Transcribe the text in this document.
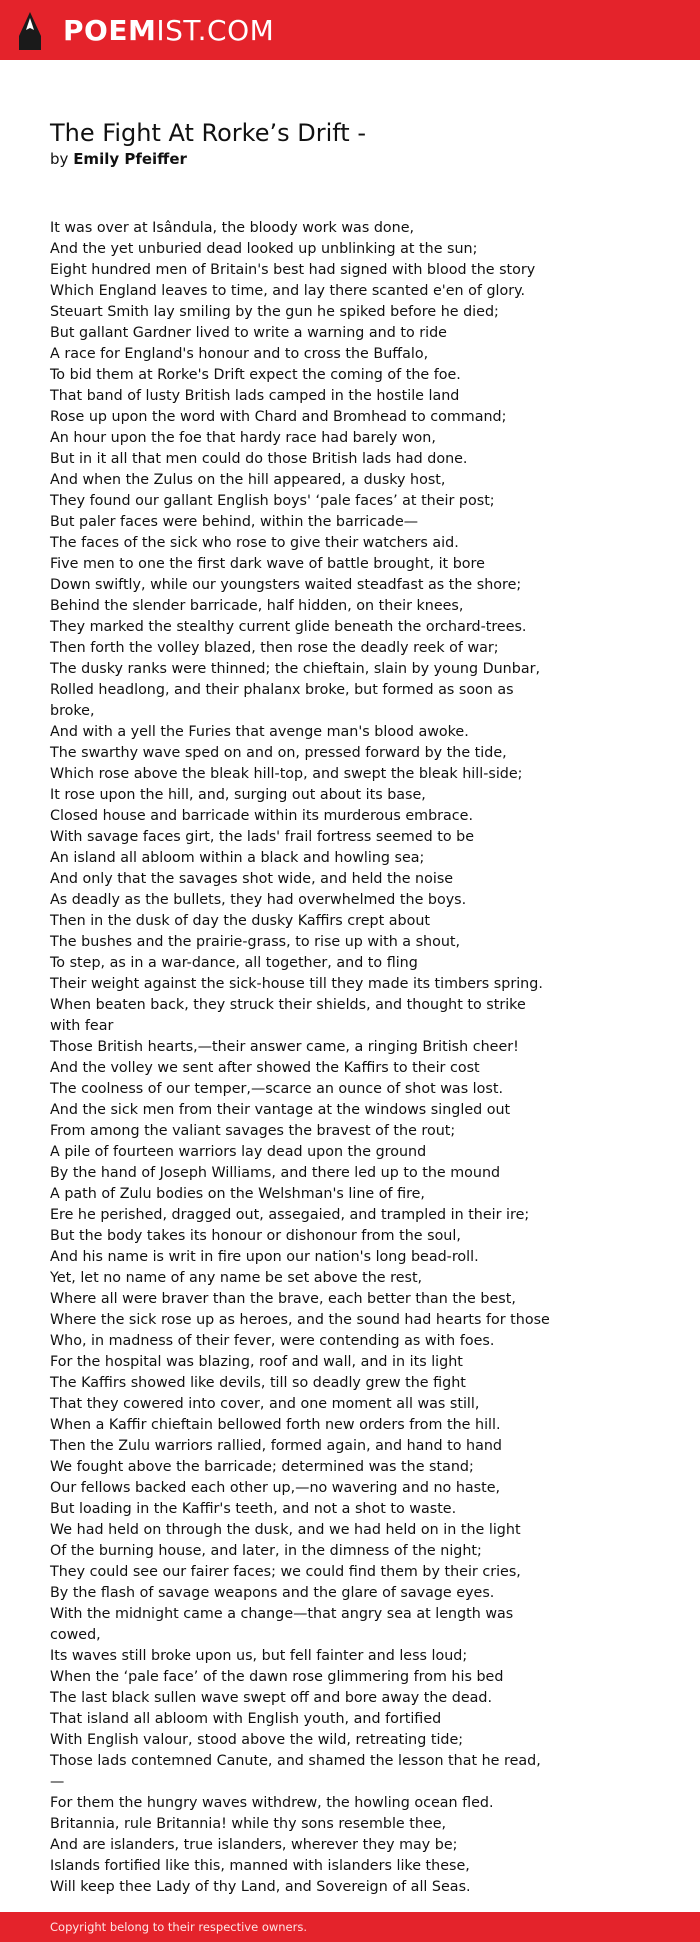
POEMIST.COM
The Fight At Rorke’s Drift -
by Emily Pfeiffer
It was over at Isândula, the bloody work was done,
And the yet unburied dead looked up unblinking at the sun;
Eight hundred men of Britain's best had signed with blood the story
Which England leaves to time, and lay there scanted e'en of glory.
Steuart Smith lay smiling by the gun he spiked before he died;
But gallant Gardner lived to write a warning and to ride
A race for England's honour and to cross the Buffalo,
To bid them at Rorke's Drift expect the coming of the foe.
That band of lusty British lads camped in the hostile land
Rose up upon the word with Chard and Bromhead to command;
An hour upon the foe that hardy race had barely won,
But in it all that men could do those British lads had done.
And when the Zulus on the hill appeared, a dusky host,
They found our gallant English boys' ‘pale faces’ at their post;
But paler faces were behind, within the barricade—
The faces of the sick who rose to give their watchers aid.
Five men to one the first dark wave of battle brought, it bore
Down swiftly, while our youngsters waited steadfast as the shore;
Behind the slender barricade, half hidden, on their knees,
They marked the stealthy current glide beneath the orchard-trees.
Then forth the volley blazed, then rose the deadly reek of war;
The dusky ranks were thinned; the chieftain, slain by young Dunbar,
Rolled headlong, and their phalanx broke, but formed as soon as broke,
And with a yell the Furies that avenge man's blood awoke.
The swarthy wave sped on and on, pressed forward by the tide,
Which rose above the bleak hill-top, and swept the bleak hill-side;
It rose upon the hill, and, surging out about its base,
Closed house and barricade within its murderous embrace.
With savage faces girt, the lads' frail fortress seemed to be
An island all abloom within a black and howling sea;
And only that the savages shot wide, and held the noise
As deadly as the bullets, they had overwhelmed the boys.
Then in the dusk of day the dusky Kaffirs crept about
The bushes and the prairie-grass, to rise up with a shout,
To step, as in a war-dance, all together, and to fling
Their weight against the sick-house till they made its timbers spring.
When beaten back, they struck their shields, and thought to strike with fear
Those British hearts,—their answer came, a ringing British cheer!
And the volley we sent after showed the Kaffirs to their cost
The coolness of our temper,—scarce an ounce of shot was lost.
And the sick men from their vantage at the windows singled out
From among the valiant savages the bravest of the rout;
A pile of fourteen warriors lay dead upon the ground
By the hand of Joseph Williams, and there led up to the mound
A path of Zulu bodies on the Welshman's line of fire,
Ere he perished, dragged out, assegaied, and trampled in their ire;
But the body takes its honour or dishonour from the soul,
And his name is writ in fire upon our nation's long bead-roll.
Yet, let no name of any name be set above the rest,
Where all were braver than the brave, each better than the best,
Where the sick rose up as heroes, and the sound had hearts for those
Who, in madness of their fever, were contending as with foes.
For the hospital was blazing, roof and wall, and in its light
The Kaffirs showed like devils, till so deadly grew the fight
That they cowered into cover, and one moment all was still,
When a Kaffir chieftain bellowed forth new orders from the hill.
Then the Zulu warriors rallied, formed again, and hand to hand
We fought above the barricade; determined was the stand;
Our fellows backed each other up,—no wavering and no haste,
But loading in the Kaffir's teeth, and not a shot to waste.
We had held on through the dusk, and we had held on in the light
Of the burning house, and later, in the dimness of the night;
They could see our fairer faces; we could find them by their cries,
By the flash of savage weapons and the glare of savage eyes.
With the midnight came a change—that angry sea at length was cowed,
Its waves still broke upon us, but fell fainter and less loud;
When the ‘pale face’ of the dawn rose glimmering from his bed
The last black sullen wave swept off and bore away the dead.
That island all abloom with English youth, and fortified
With English valour, stood above the wild, retreating tide;
Those lads contemned Canute, and shamed the lesson that he read,—
For them the hungry waves withdrew, the howling ocean fled.
Britannia, rule Britannia! while thy sons resemble thee,
And are islanders, true islanders, wherever they may be;
Islands fortified like this, manned with islanders like these,
Will keep thee Lady of thy Land, and Sovereign of all Seas.
Copyright belong to their respective owners.
